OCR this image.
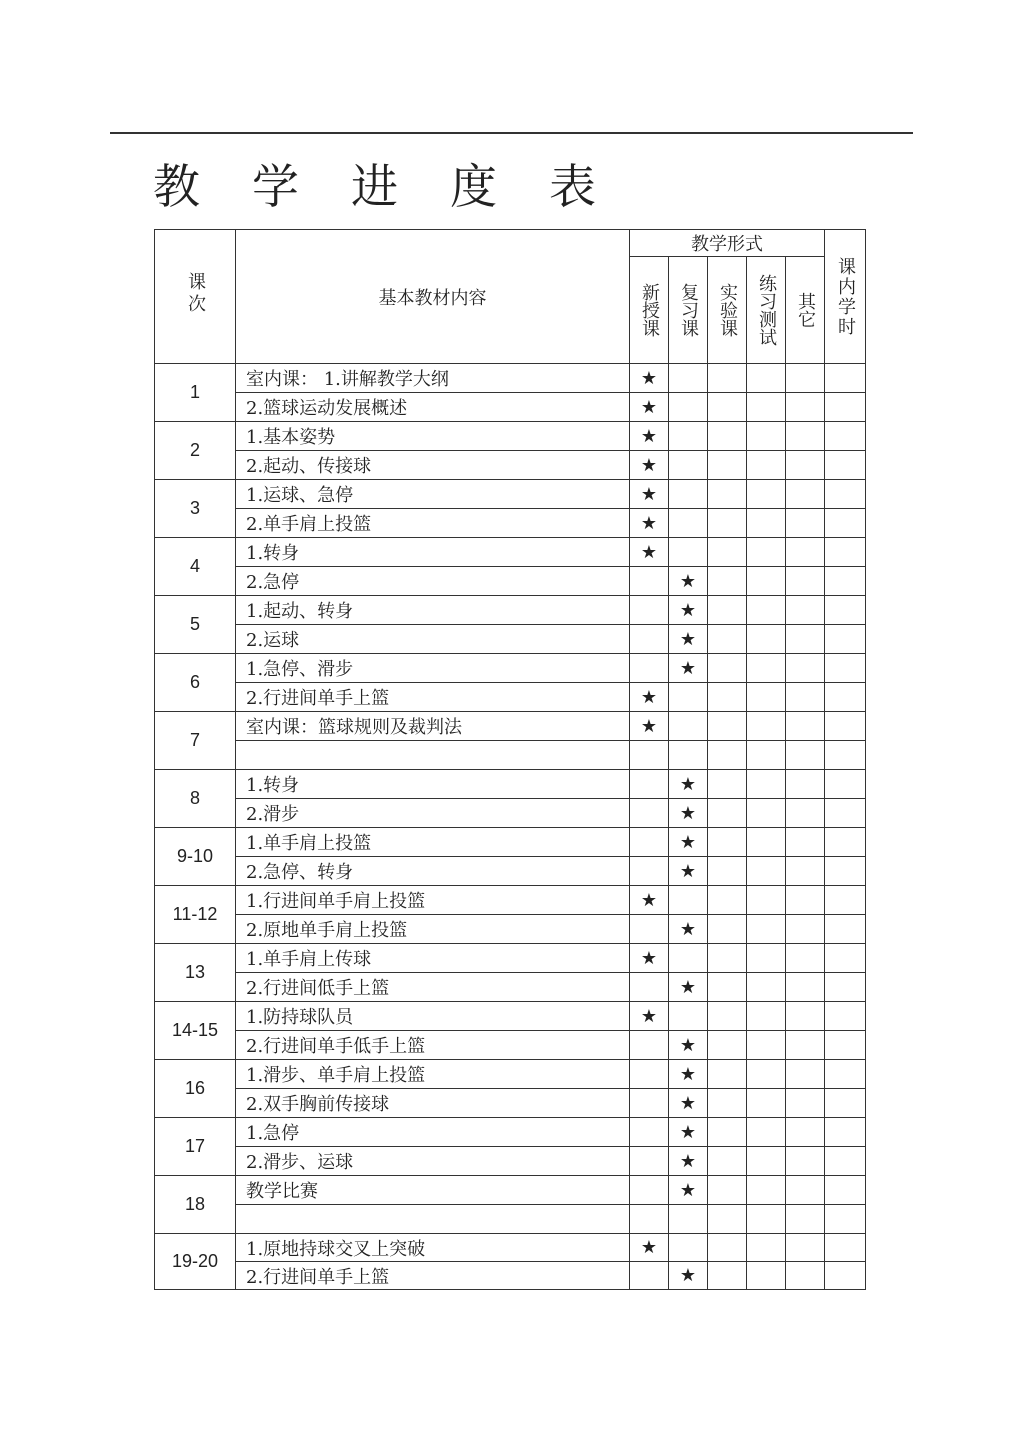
教学进度表
课次	基本教材内容	教学形式					课内学时

		新授课	复习课	实验课	练习测试	其它	

1	室内课： 1.讲解教学大纲	★					
	2.篮球运动发展概述	★					
2	1.基本姿势	★					
	2.起动、传接球	★					
3	1.运球、急停	★					
	2.单手肩上投篮	★					
4	1.转身	★					
	2.急停		★				
5	1.起动、转身		★				
	2.运球		★				
6	1.急停、滑步		★				
	2.行进间单手上篮	★					
7	室内课：篮球规则及裁判法	★					

8	1.转身		★				
	2.滑步		★				
9-10	1.单手肩上投篮		★				
	2.急停、转身		★				
11-12	1.行进间单手肩上投篮	★					
	2.原地单手肩上投篮		★				
13	1.单手肩上传球	★					
	2.行进间低手上篮		★				
14-15	1.防持球队员	★					
	2.行进间单手低手上篮		★				
16	1.滑步、单手肩上投篮		★				
	2.双手胸前传接球		★				
17	1.急停		★				
	2.滑步、运球		★				
18	教学比赛		★				

19-20	1.原地持球交叉上突破	★					
	2.行进间单手上篮		★				
